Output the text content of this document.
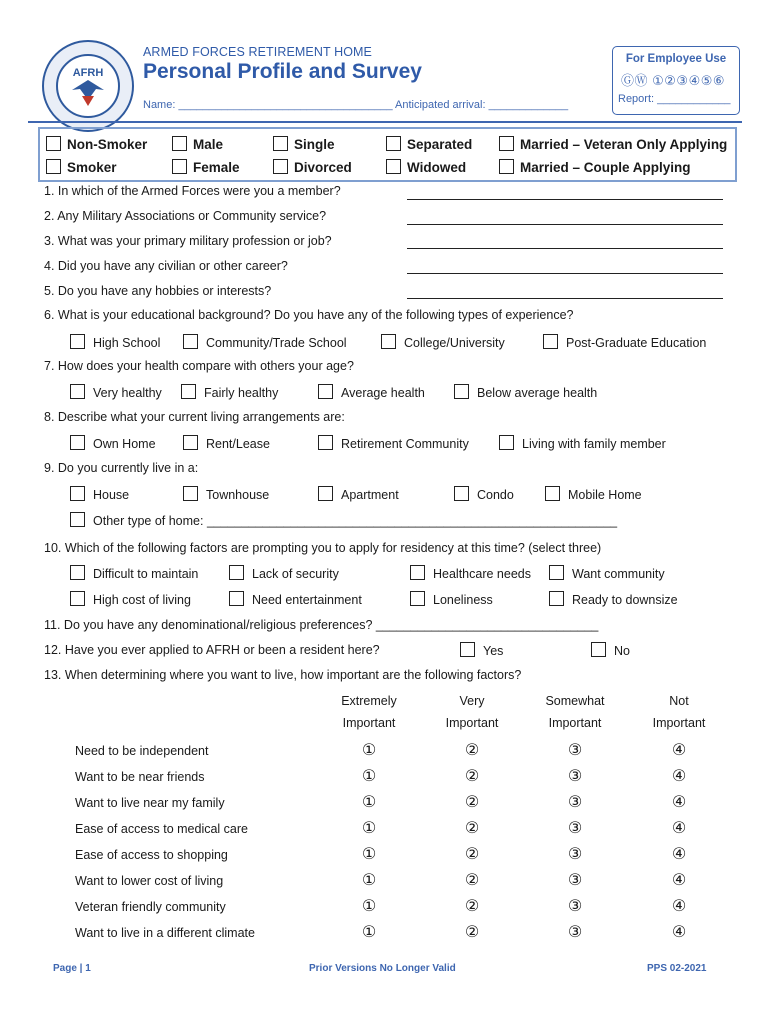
AFRH
ARMED FORCES RETIREMENT HOME
Personal Profile and Survey
Name: ___________________________________ Anticipated arrival: _____________
For Employee Use
ⒼⓌ ①②③④⑤⑥
Report: ____________
Non-Smoker
Smoker
Male
Female
Single
Divorced
Separated
Widowed
Married – Veteran Only Applying
Married – Couple Applying
1. In which of the Armed Forces were you a member?
2. Any Military Associations or Community service?
3. What was your primary military profession or job?
4. Did you have any civilian or other career?
5. Do you have any hobbies or interests?
6. What is your educational background? Do you have any of the following types of experience?
High School	Community/Trade School	College/University	Post-Graduate Education
7. How does your health compare with others your age?
Very healthy	Fairly healthy	Average health	Below average health
8. Describe what your current living arrangements are:
Own Home	Rent/Lease	Retirement Community	Living with family member
9. Do you currently live in a:
House	Townhouse	Apartment	Condo	Mobile Home
Other type of home: ___________________________________________________________
10. Which of the following factors are prompting you to apply for residency at this time? (select three)
Difficult to maintain	Lack of security	Healthcare needs	Want community
High cost of living	Need entertainment	Loneliness	Ready to downsize
11. Do you have any denominational/religious preferences? ________________________________
12. Have you ever applied to AFRH or been a resident here?	Yes	No
13. When determining where you want to live, how important are the following factors?
Extremely
Important
Very
Important
Somewhat
Important
Not
Important
Need to be independent	①	②	③	④
Want to be near friends	①	②	③	④
Want to live near my family	①	②	③	④
Ease of access to medical care	①	②	③	④
Ease of access to shopping	①	②	③	④
Want to lower cost of living	①	②	③	④
Veteran friendly community	①	②	③	④
Want to live in a different climate	①	②	③	④
Page | 1	Prior Versions No Longer Valid	PPS 02-2021
